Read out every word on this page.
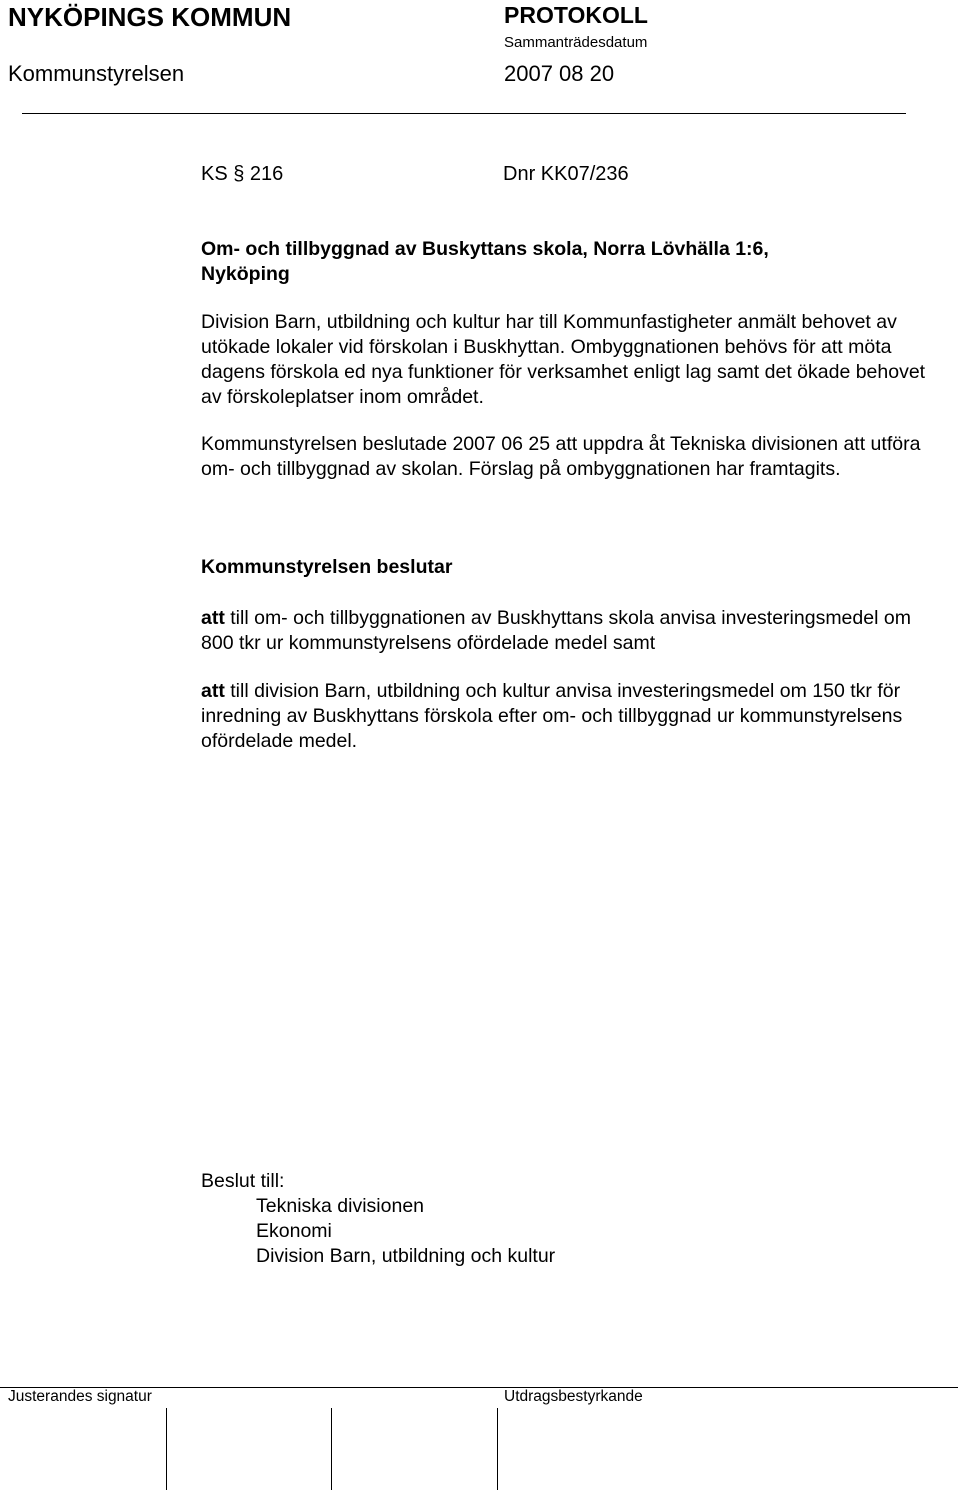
NYKÖPINGS KOMMUN	PROTOKOLL
Sammanträdesdatum
Kommunstyrelsen	2007 08 20
KS § 216	Dnr KK07/236

Om- och tillbyggnad av Buskyttans skola, Norra Lövhälla 1:6,

Nyköping

Division Barn, utbildning och kultur har till Kommunfastigheter anmält behovet av utökade lokaler vid förskolan i Buskhyttan. Ombyggnationen behövs för att möta dagens förskola ed nya funktioner för verksamhet enligt lag samt det ökade behovet av förskoleplatser inom området.

Kommunstyrelsen beslutade 2007 06 25 att uppdra åt Tekniska divisionen att utföra om- och tillbyggnad av skolan. Förslag på ombyggnationen har framtagits.

Kommunstyrelsen beslutar

att till om- och tillbyggnationen av Buskhyttans skola anvisa investeringsmedel om 800 tkr ur kommunstyrelsens ofördelade medel samt

att till division Barn, utbildning och kultur anvisa investeringsmedel om 150 tkr för inredning av Buskhyttans förskola efter om- och tillbyggnad ur kommunstyrelsens ofördelade medel.

Beslut till:

Tekniska divisionen

Ekonomi

Division Barn, utbildning och kultur

Justerandes signatur	Utdragsbestyrkande
